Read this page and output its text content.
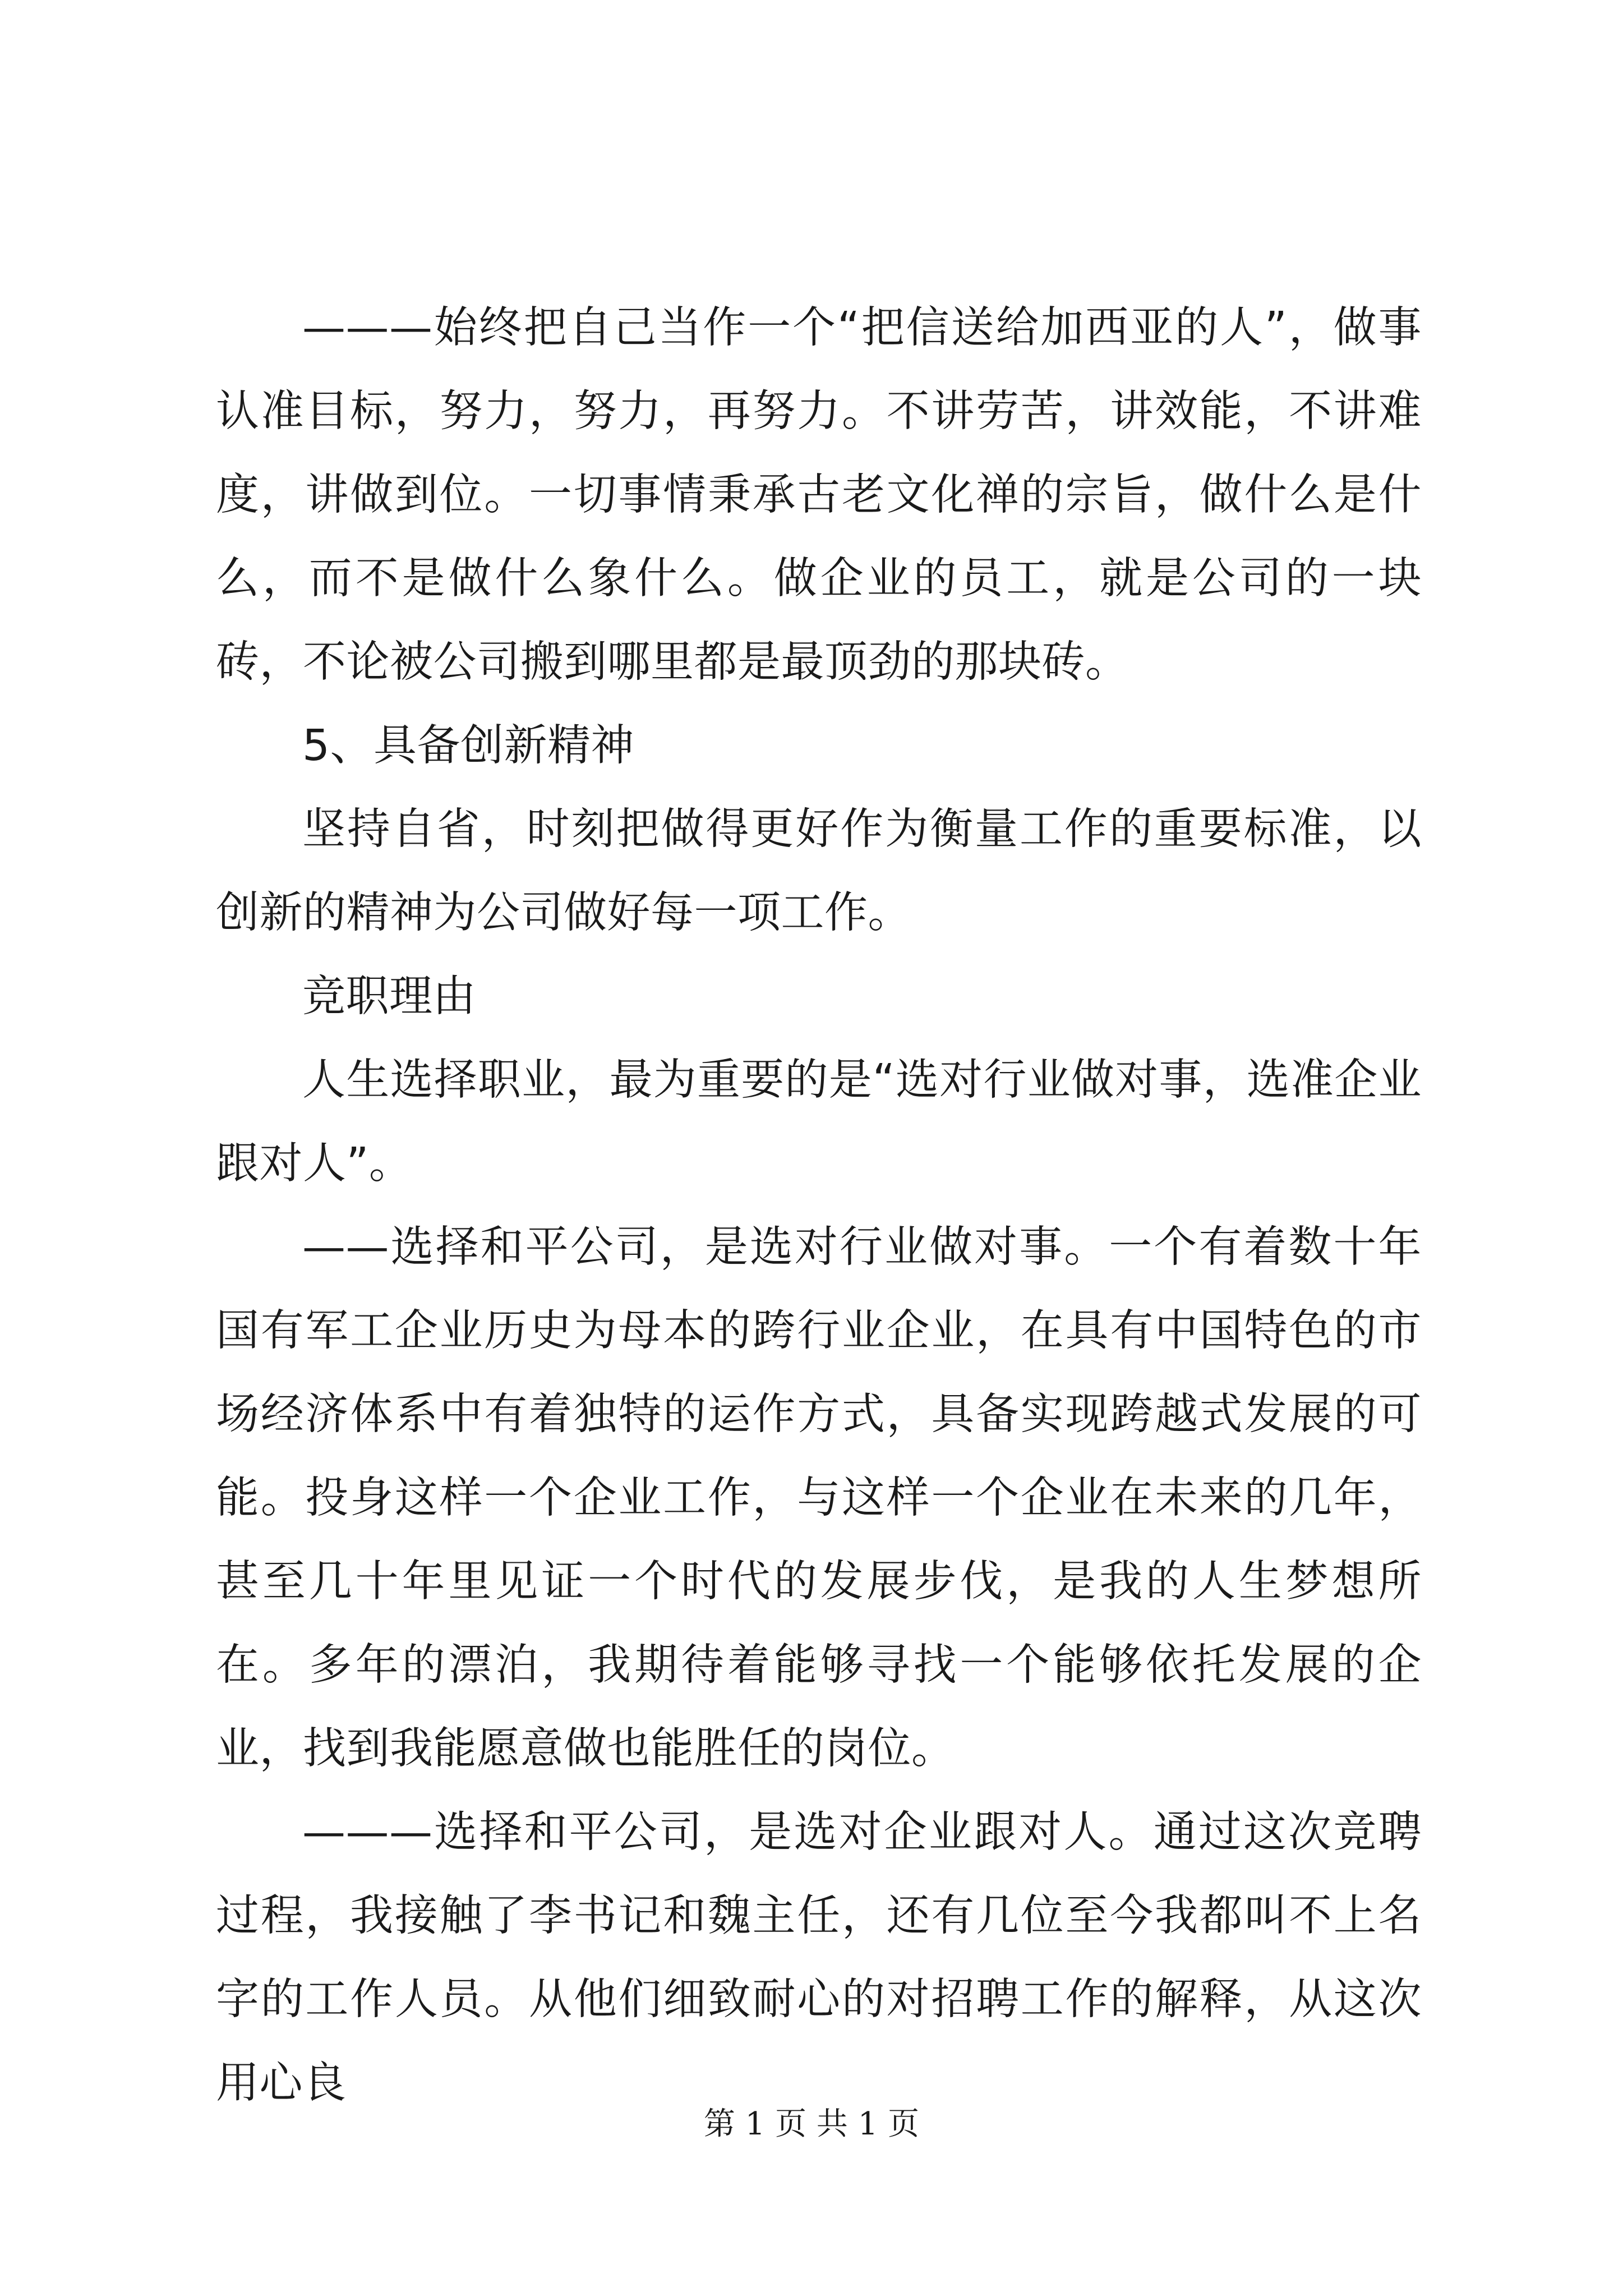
———始终把自己当作一个“把信送给加西亚的人”，做事认准目标，努力，努力，再努力。不讲劳苦，讲效能，不讲难度，讲做到位。一切事情秉承古老文化禅的宗旨，做什么是什么，而不是做什么象什么。做企业的员工，就是公司的一块砖，不论被公司搬到哪里都是最顶劲的那块砖。

5、具备创新精神

坚持自省，时刻把做得更好作为衡量工作的重要标准，以创新的精神为公司做好每一项工作。

竞职理由

人生选择职业，最为重要的是“选对行业做对事，选准企业跟对人”。

——选择和平公司，是选对行业做对事。一个有着数十年国有军工企业历史为母本的跨行业企业，在具有中国特色的市场经济体系中有着独特的运作方式，具备实现跨越式发展的可能。投身这样一个企业工作，与这样一个企业在未来的几年，甚至几十年里见证一个时代的发展步伐，是我的人生梦想所在。多年的漂泊，我期待着能够寻找一个能够依托发展的企业，找到我能愿意做也能胜任的岗位。

———选择和平公司，是选对企业跟对人。通过这次竞聘过程，我接触了李书记和魏主任，还有几位至今我都叫不上名字的工作人员。从他们细致耐心的对招聘工作的解释，从这次用心良

第 1 页 共 1 页
